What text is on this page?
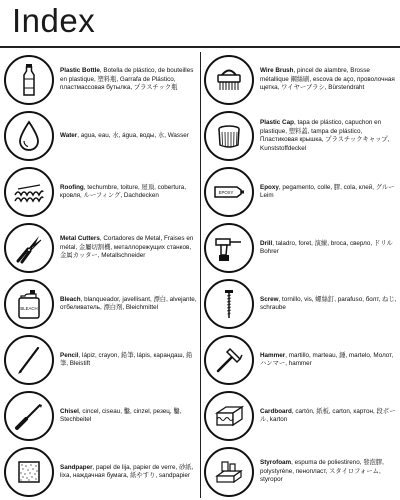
Index
Plastic Bottle, Botella de plástico, de bouteilles en plastique, 塑料瓶, Garrafa de Plástico, пластмассовая бутылка, プラスチック瓶
Water, agua, eau, 水, água, воды, 水, Wasser
Roofing, techumbre, toiture, 屋頂, cobertura, кровля, ルーフィング, Dachdecken
Metal Cutters, Cortadores de Metal, Fraises en métal, 金屬切割機, металлорежущих станков, 金属カッター, Metallschneider
BLEACH
Bleach, blanqueador, javellisant, 漂白, alvejante, отбеливатель, 漂白剤, Bleichmittel
Pencil, lápiz, crayon, 鉛筆, lápis, карандаш, 鉛筆, Bleistift
Chisel, cincel, ciseau, 鑿, cinzel, резец, 鑿, Stechbeitel
Sandpaper, papel de lija, papier de verre, 砂紙, lixa, наждачная бумага, 紙やすり, sandpapier
Wire Brush, pincel de alambre, Brosse métallique 鋼絲刷, escova de aço, проволочная щетка, ワイヤーブラシ, Bürstendraht
Plastic Cap, tapa de plástico, capuchon en plastique, 塑料蓋, tampa de plástico, Пластиковая крышка, プラスチックキャップ, Kunststoffdeckel
EPOXY
Epoxy, pegamento, colle, 膠, cola, клей, グルー Leim
Drill, taladro, foret, 演練, broca, сверло, ドリル Bohrer
Screw, tornillo, vis, 螺絲釘, parafuso, болт, ねじ, schraube
Hammer, martillo, marteau, 錘, martelo, Молот, ハンマー, hammer
Cardboard, cartón, 紙板, carton, картон, 段ボール, karton
Styrofoam, espuma de poliestireno, 發泡膠, polystyrène, пенопласт, スタイロフォーム, styropor
